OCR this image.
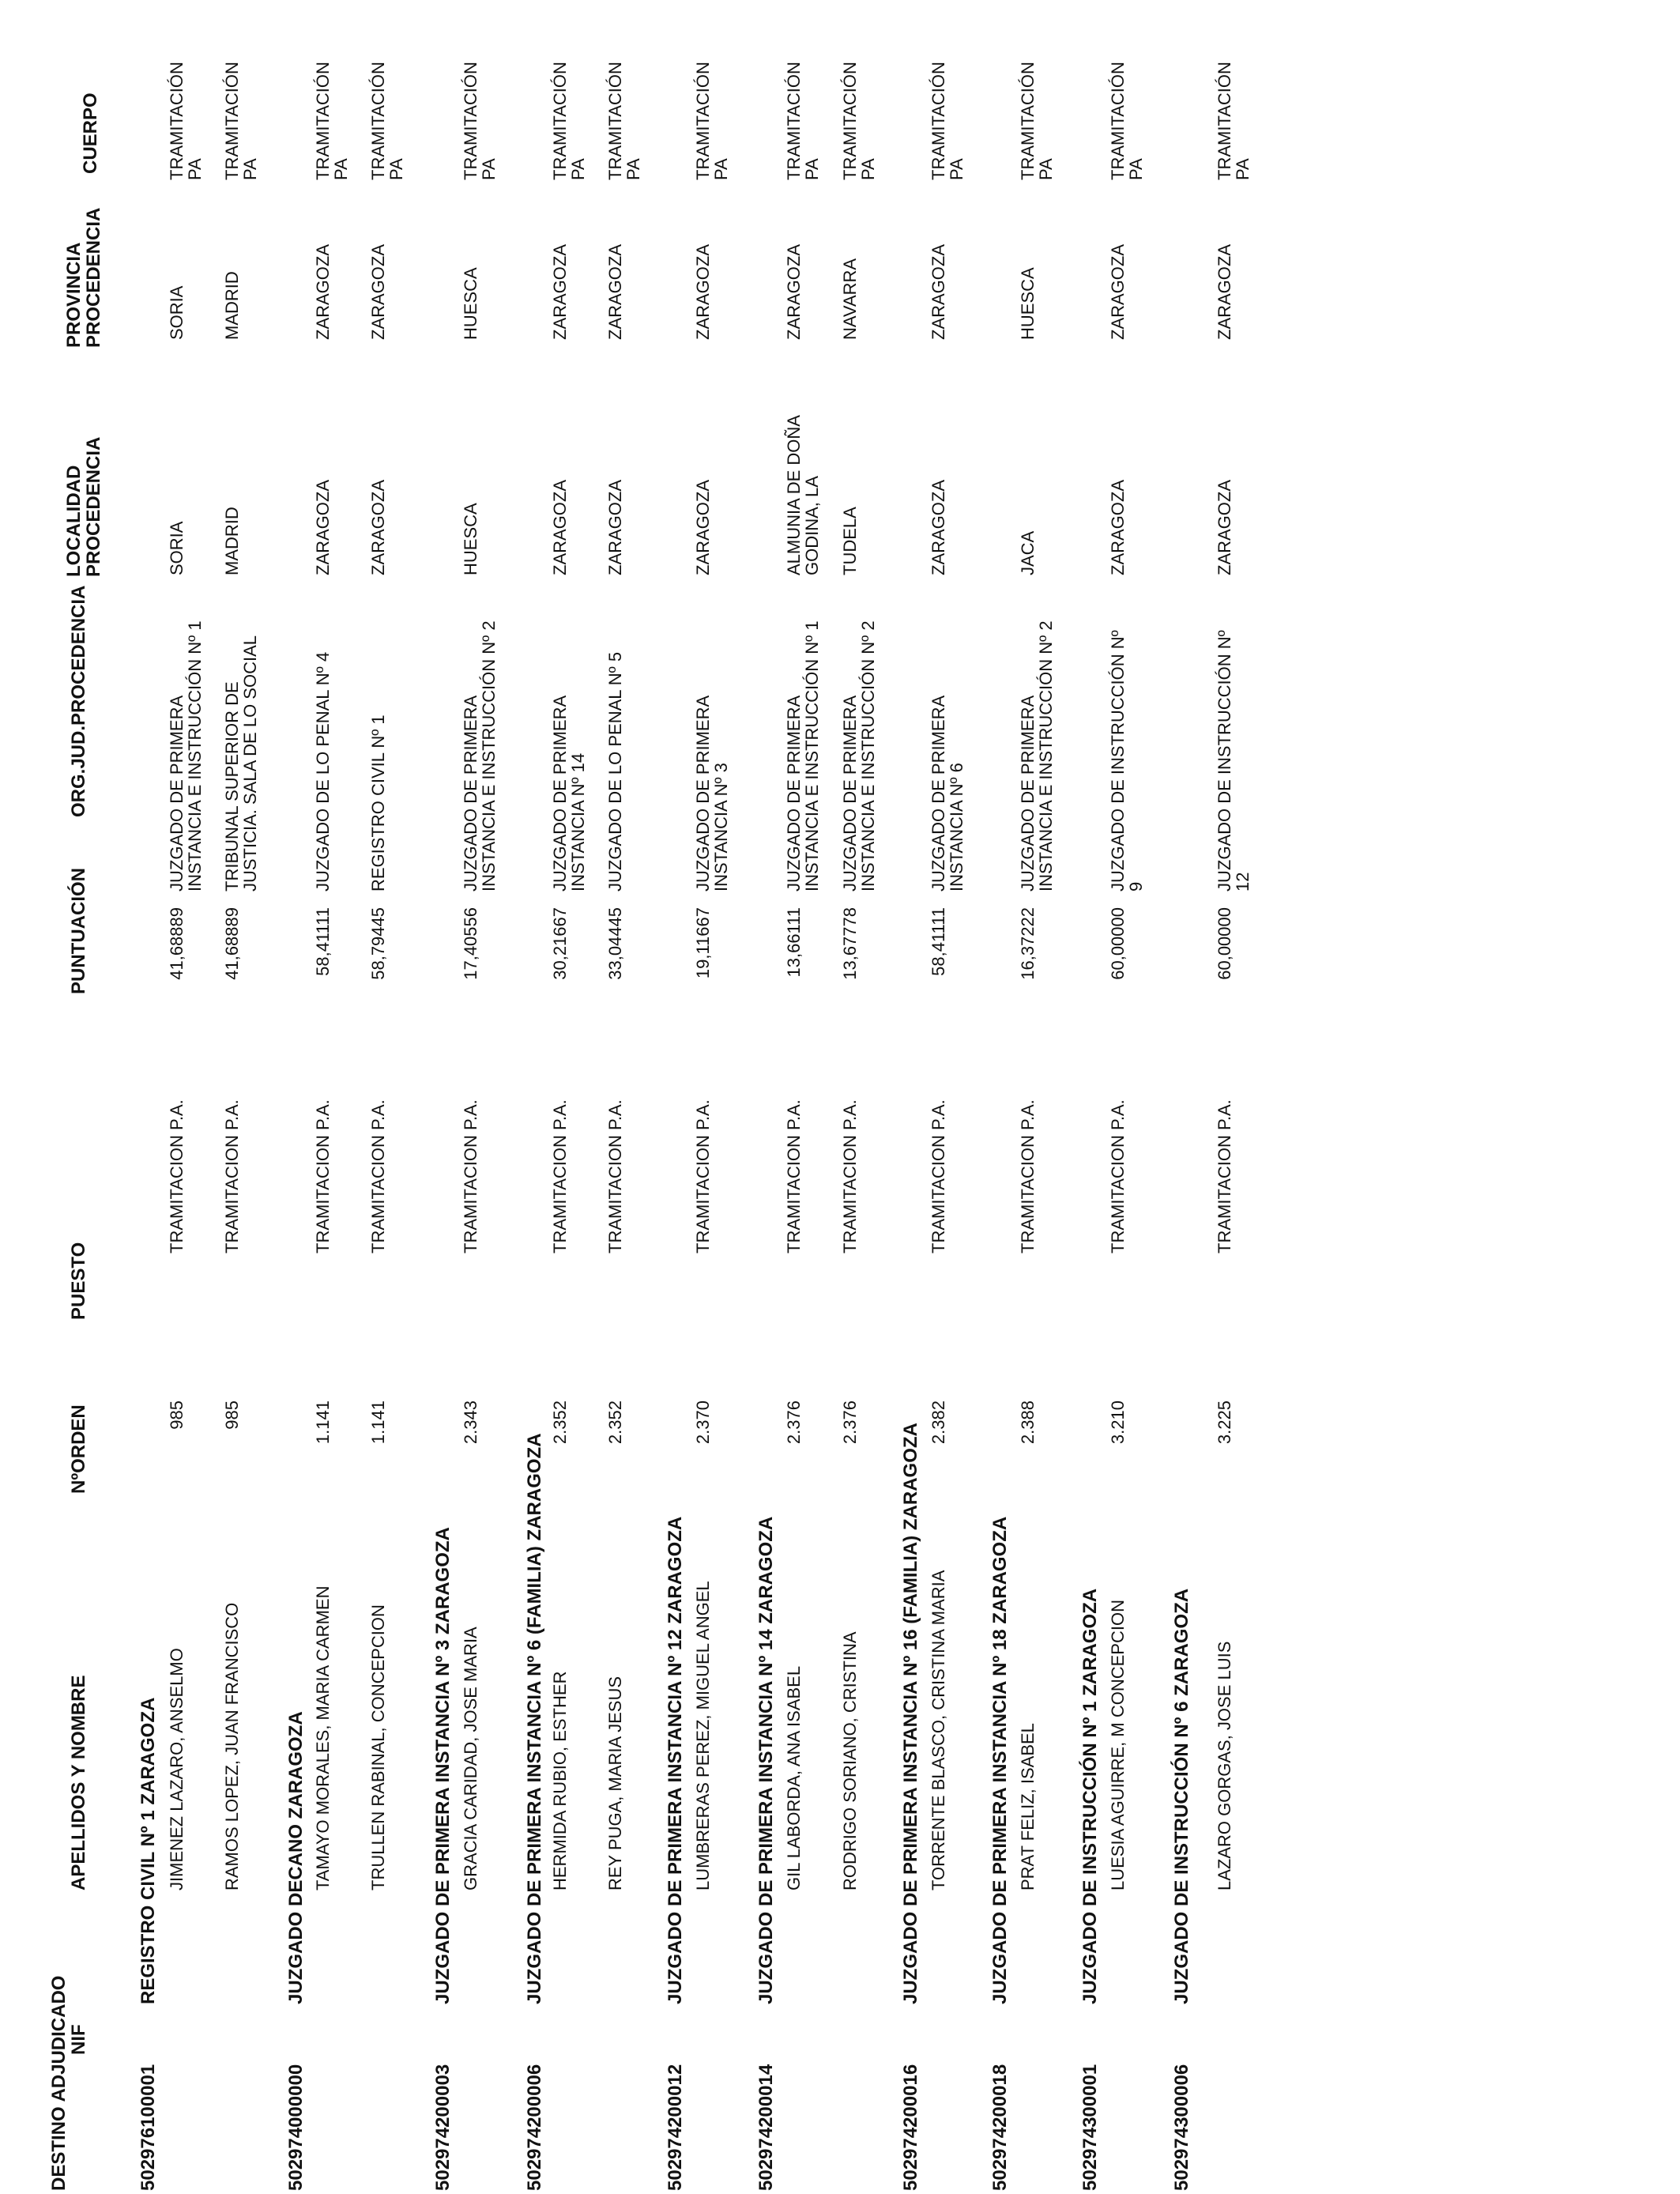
DESTINO ADJUDICADO
NIF
APELLIDOS Y NOMBRE
NºORDEN
PUESTO
PUNTUACIÓN
ORG.JUD.PROCEDENCIA
LOCALIDAD
PROCEDENCIA
PROVINCIA
PROCEDENCIA
CUERPO
502976100001
REGISTRO CIVIL Nº 1 ZARAGOZA
502974000000
JUZGADO DECANO ZARAGOZA
502974200003
JUZGADO DE PRIMERA INSTANCIA Nº 3 ZARAGOZA
502974200006
JUZGADO DE PRIMERA INSTANCIA Nº 6 (FAMILIA) ZARAGOZA
502974200012
JUZGADO DE PRIMERA INSTANCIA Nº 12 ZARAGOZA
502974200014
JUZGADO DE PRIMERA INSTANCIA Nº 14 ZARAGOZA
502974200016
JUZGADO DE PRIMERA INSTANCIA Nº 16 (FAMILIA) ZARAGOZA
502974200018
JUZGADO DE PRIMERA INSTANCIA Nº 18 ZARAGOZA
502974300001
JUZGADO DE INSTRUCCIÓN Nº 1 ZARAGOZA
502974300006
JUZGADO DE INSTRUCCIÓN Nº 6 ZARAGOZA
JIMENEZ LAZARO, ANSELMO
985
TRAMITACION P.A.
41,68889
JUZGADO DE PRIMERA
INSTANCIA E INSTRUCCIÓN Nº 1
SORIA
SORIA
TRAMITACIÓN
PA
RAMOS LOPEZ, JUAN FRANCISCO
985
TRAMITACION P.A.
41,68889
TRIBUNAL SUPERIOR DE
JUSTICIA. SALA DE LO SOCIAL
MADRID
MADRID
TRAMITACIÓN
PA
TAMAYO MORALES, MARIA CARMEN
1.141
TRAMITACION P.A.
58,41111
JUZGADO DE LO PENAL Nº 4
ZARAGOZA
ZARAGOZA
TRAMITACIÓN
PA
TRULLEN RABINAL, CONCEPCION
1.141
TRAMITACION P.A.
58,79445
REGISTRO CIVIL Nº 1
ZARAGOZA
ZARAGOZA
TRAMITACIÓN
PA
GRACIA CARIDAD, JOSE MARIA
2.343
TRAMITACION P.A.
17,40556
JUZGADO DE PRIMERA
INSTANCIA E INSTRUCCIÓN Nº 2
HUESCA
HUESCA
TRAMITACIÓN
PA
HERMIDA RUBIO, ESTHER
2.352
TRAMITACION P.A.
30,21667
JUZGADO DE PRIMERA
INSTANCIA Nº 14
ZARAGOZA
ZARAGOZA
TRAMITACIÓN
PA
REY PUGA, MARIA JESUS
2.352
TRAMITACION P.A.
33,04445
JUZGADO DE LO PENAL Nº 5
ZARAGOZA
ZARAGOZA
TRAMITACIÓN
PA
LUMBRERAS PEREZ, MIGUEL ANGEL
2.370
TRAMITACION P.A.
19,11667
JUZGADO DE PRIMERA
INSTANCIA Nº 3
ZARAGOZA
ZARAGOZA
TRAMITACIÓN
PA
GIL LABORDA, ANA ISABEL
2.376
TRAMITACION P.A.
13,66111
JUZGADO DE PRIMERA
INSTANCIA E INSTRUCCIÓN Nº 1
ALMUNIA DE DOÑA
GODINA, LA
ZARAGOZA
TRAMITACIÓN
PA
RODRIGO SORIANO, CRISTINA
2.376
TRAMITACION P.A.
13,67778
JUZGADO DE PRIMERA
INSTANCIA E INSTRUCCIÓN Nº 2
TUDELA
NAVARRA
TRAMITACIÓN
PA
TORRENTE BLASCO, CRISTINA MARIA
2.382
TRAMITACION P.A.
58,41111
JUZGADO DE PRIMERA
INSTANCIA Nº 6
ZARAGOZA
ZARAGOZA
TRAMITACIÓN
PA
PRAT FELIZ, ISABEL
2.388
TRAMITACION P.A.
16,37222
JUZGADO DE PRIMERA
INSTANCIA E INSTRUCCIÓN Nº 2
JACA
HUESCA
TRAMITACIÓN
PA
LUESIA AGUIRRE, M CONCEPCION
3.210
TRAMITACION P.A.
60,00000
JUZGADO DE INSTRUCCIÓN Nº
9
ZARAGOZA
ZARAGOZA
TRAMITACIÓN
PA
LAZARO GORGAS, JOSE LUIS
3.225
TRAMITACION P.A.
60,00000
JUZGADO DE INSTRUCCIÓN Nº
12
ZARAGOZA
ZARAGOZA
TRAMITACIÓN
PA
